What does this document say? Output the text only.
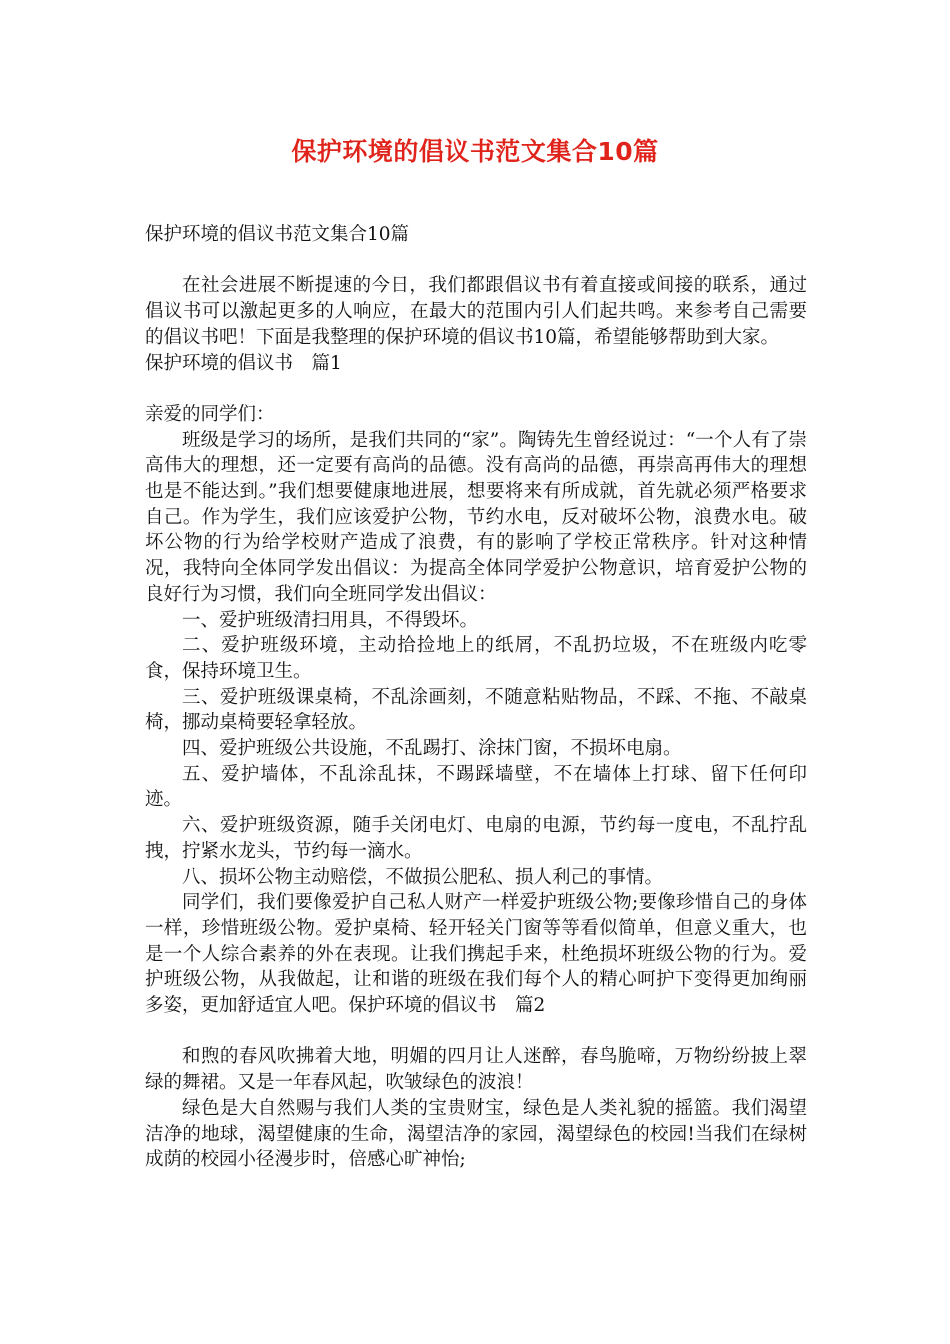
保护环境的倡议书范文集合10篇

保护环境的倡议书范文集合10篇

在社会进展不断提速的今日，我们都跟倡议书有着直接或间接的联系，通过倡议书可以激起更多的人响应，在最大的范围内引人们起共鸣。来参考自己需要的倡议书吧！下面是我整理的保护环境的倡议书10篇，希望能够帮助到大家。

保护环境的倡议书　篇1

亲爱的同学们：

班级是学习的场所，是我们共同的“家”。陶铸先生曾经说过：“一个人有了崇高伟大的理想，还一定要有高尚的品德。没有高尚的品德，再崇高再伟大的理想也是不能达到。”我们想要健康地进展，想要将来有所成就，首先就必须严格要求自己。作为学生，我们应该爱护公物，节约水电，反对破坏公物，浪费水电。破坏公物的行为给学校财产造成了浪费，有的影响了学校正常秩序。针对这种情况，我特向全体同学发出倡议：为提高全体同学爱护公物意识，培育爱护公物的良好行为习惯，我们向全班同学发出倡议：

一、爱护班级清扫用具，不得毁坏。

二、爱护班级环境，主动拾捡地上的纸屑，不乱扔垃圾，不在班级内吃零食，保持环境卫生。

三、爱护班级课桌椅，不乱涂画刻，不随意粘贴物品，不踩、不拖、不敲桌椅，挪动桌椅要轻拿轻放。

四、爱护班级公共设施，不乱踢打、涂抹门窗，不损坏电扇。

五、爱护墙体，不乱涂乱抹，不踢踩墙壁，不在墙体上打球、留下任何印迹。

六、爱护班级资源，随手关闭电灯、电扇的电源，节约每一度电，不乱拧乱拽，拧紧水龙头，节约每一滴水。

八、损坏公物主动赔偿，不做损公肥私、损人利己的事情。

同学们，我们要像爱护自己私人财产一样爱护班级公物;要像珍惜自己的身体一样，珍惜班级公物。爱护桌椅、轻开轻关门窗等等看似简单，但意义重大，也是一个人综合素养的外在表现。让我们携起手来，杜绝损坏班级公物的行为。爱护班级公物，从我做起，让和谐的班级在我们每个人的精心呵护下变得更加绚丽多姿，更加舒适宜人吧。保护环境的倡议书　篇2

和煦的春风吹拂着大地，明媚的四月让人迷醉，春鸟脆啼，万物纷纷披上翠绿的舞裙。又是一年春风起，吹皱绿色的波浪！

绿色是大自然赐与我们人类的宝贵财宝，绿色是人类礼貌的摇篮。我们渴望洁净的地球，渴望健康的生命，渴望洁净的家园，渴望绿色的校园!当我们在绿树成荫的校园小径漫步时，倍感心旷神怡;
